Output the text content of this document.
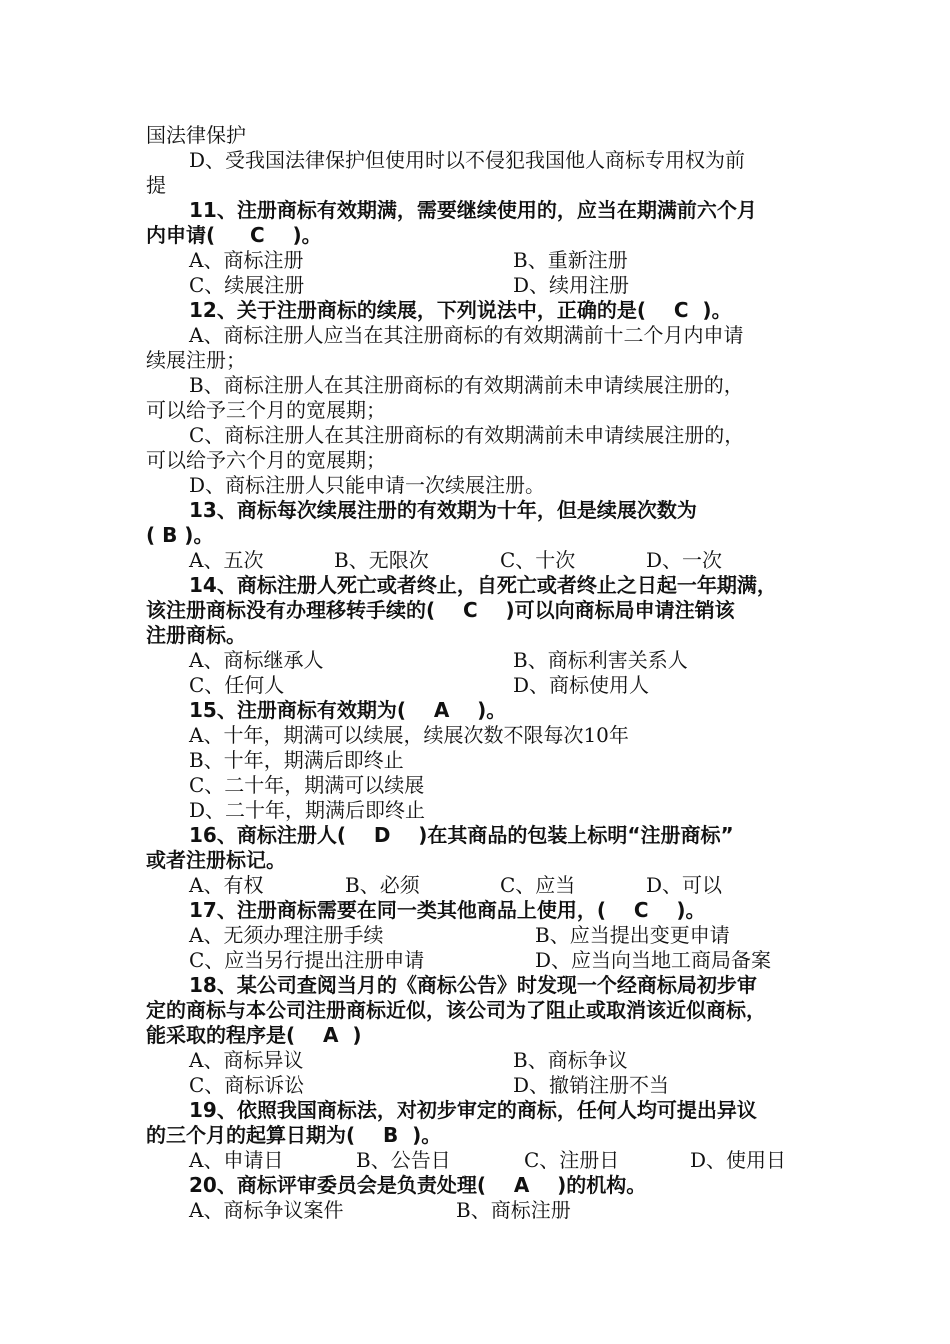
国法律保护
D、受我国法律保护但使用时以不侵犯我国他人商标专用权为前
提
11、注册商标有效期满，需要继续使用的，应当在期满前六个月
内申请(     C    )。
A、商标注册	B、重新注册
C、续展注册	D、续用注册
12、关于注册商标的续展，下列说法中，正确的是(    C  )。
A、商标注册人应当在其注册商标的有效期满前十二个月内申请
续展注册；
B、商标注册人在其注册商标的有效期满前未申请续展注册的，
可以给予三个月的宽展期；
C、商标注册人在其注册商标的有效期满前未申请续展注册的，
可以给予六个月的宽展期；
D、商标注册人只能申请一次续展注册。
13、商标每次续展注册的有效期为十年，但是续展次数为
( B )。
A、五次	B、无限次	C、十次	D、一次
14、商标注册人死亡或者终止，自死亡或者终止之日起一年期满，
该注册商标没有办理移转手续的(    C    )可以向商标局申请注销该
注册商标。
A、商标继承人	B、商标利害关系人
C、任何人	D、商标使用人
15、注册商标有效期为(    A    )。
A、十年，期满可以续展，续展次数不限每次10年
B、十年，期满后即终止
C、二十年，期满可以续展
D、二十年，期满后即终止
16、商标注册人(    D    )在其商品的包装上标明“注册商标”
或者注册标记。
A、有权	B、必须	C、应当	D、可以
17、注册商标需要在同一类其他商品上使用，(    C    )。
A、无须办理注册手续	B、应当提出变更申请
C、应当另行提出注册申请	D、应当向当地工商局备案
18、某公司查阅当月的《商标公告》时发现一个经商标局初步审
定的商标与本公司注册商标近似，该公司为了阻止或取消该近似商标，
能采取的程序是(    A  )
A、商标异议	B、商标争议
C、商标诉讼	D、撤销注册不当
19、依照我国商标法，对初步审定的商标，任何人均可提出异议
的三个月的起算日期为(    B  )。
A、申请日	B、公告日	C、注册日	D、使用日
20、商标评审委员会是负责处理(    A    )的机构。
A、商标争议案件	B、商标注册
